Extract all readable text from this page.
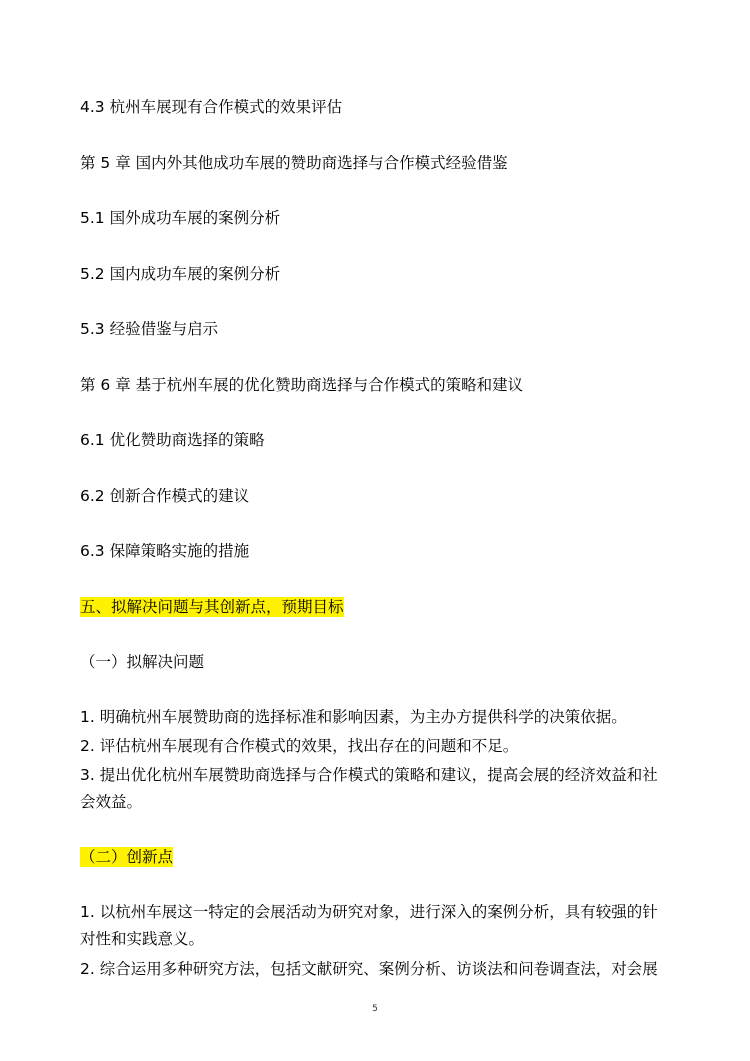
4.3 杭州车展现有合作模式的效果评估

第 5 章 国内外其他成功车展的赞助商选择与合作模式经验借鉴

5.1 国外成功车展的案例分析

5.2 国内成功车展的案例分析

5.3 经验借鉴与启示

第 6 章 基于杭州车展的优化赞助商选择与合作模式的策略和建议

6.1 优化赞助商选择的策略

6.2 创新合作模式的建议

6.3 保障策略实施的措施

五、拟解决问题与其创新点，预期目标

（一）拟解决问题

1. 明确杭州车展赞助商的选择标准和影响因素，为主办方提供科学的决策依据。

2. 评估杭州车展现有合作模式的效果，找出存在的问题和不足。

3. 提出优化杭州车展赞助商选择与合作模式的策略和建议，提高会展的经济效益和社会效益。

（二）创新点

1. 以杭州车展这一特定的会展活动为研究对象，进行深入的案例分析，具有较强的针对性和实践意义。

2. 综合运用多种研究方法，包括文献研究、案例分析、访谈法和问卷调查法，对会展

5
